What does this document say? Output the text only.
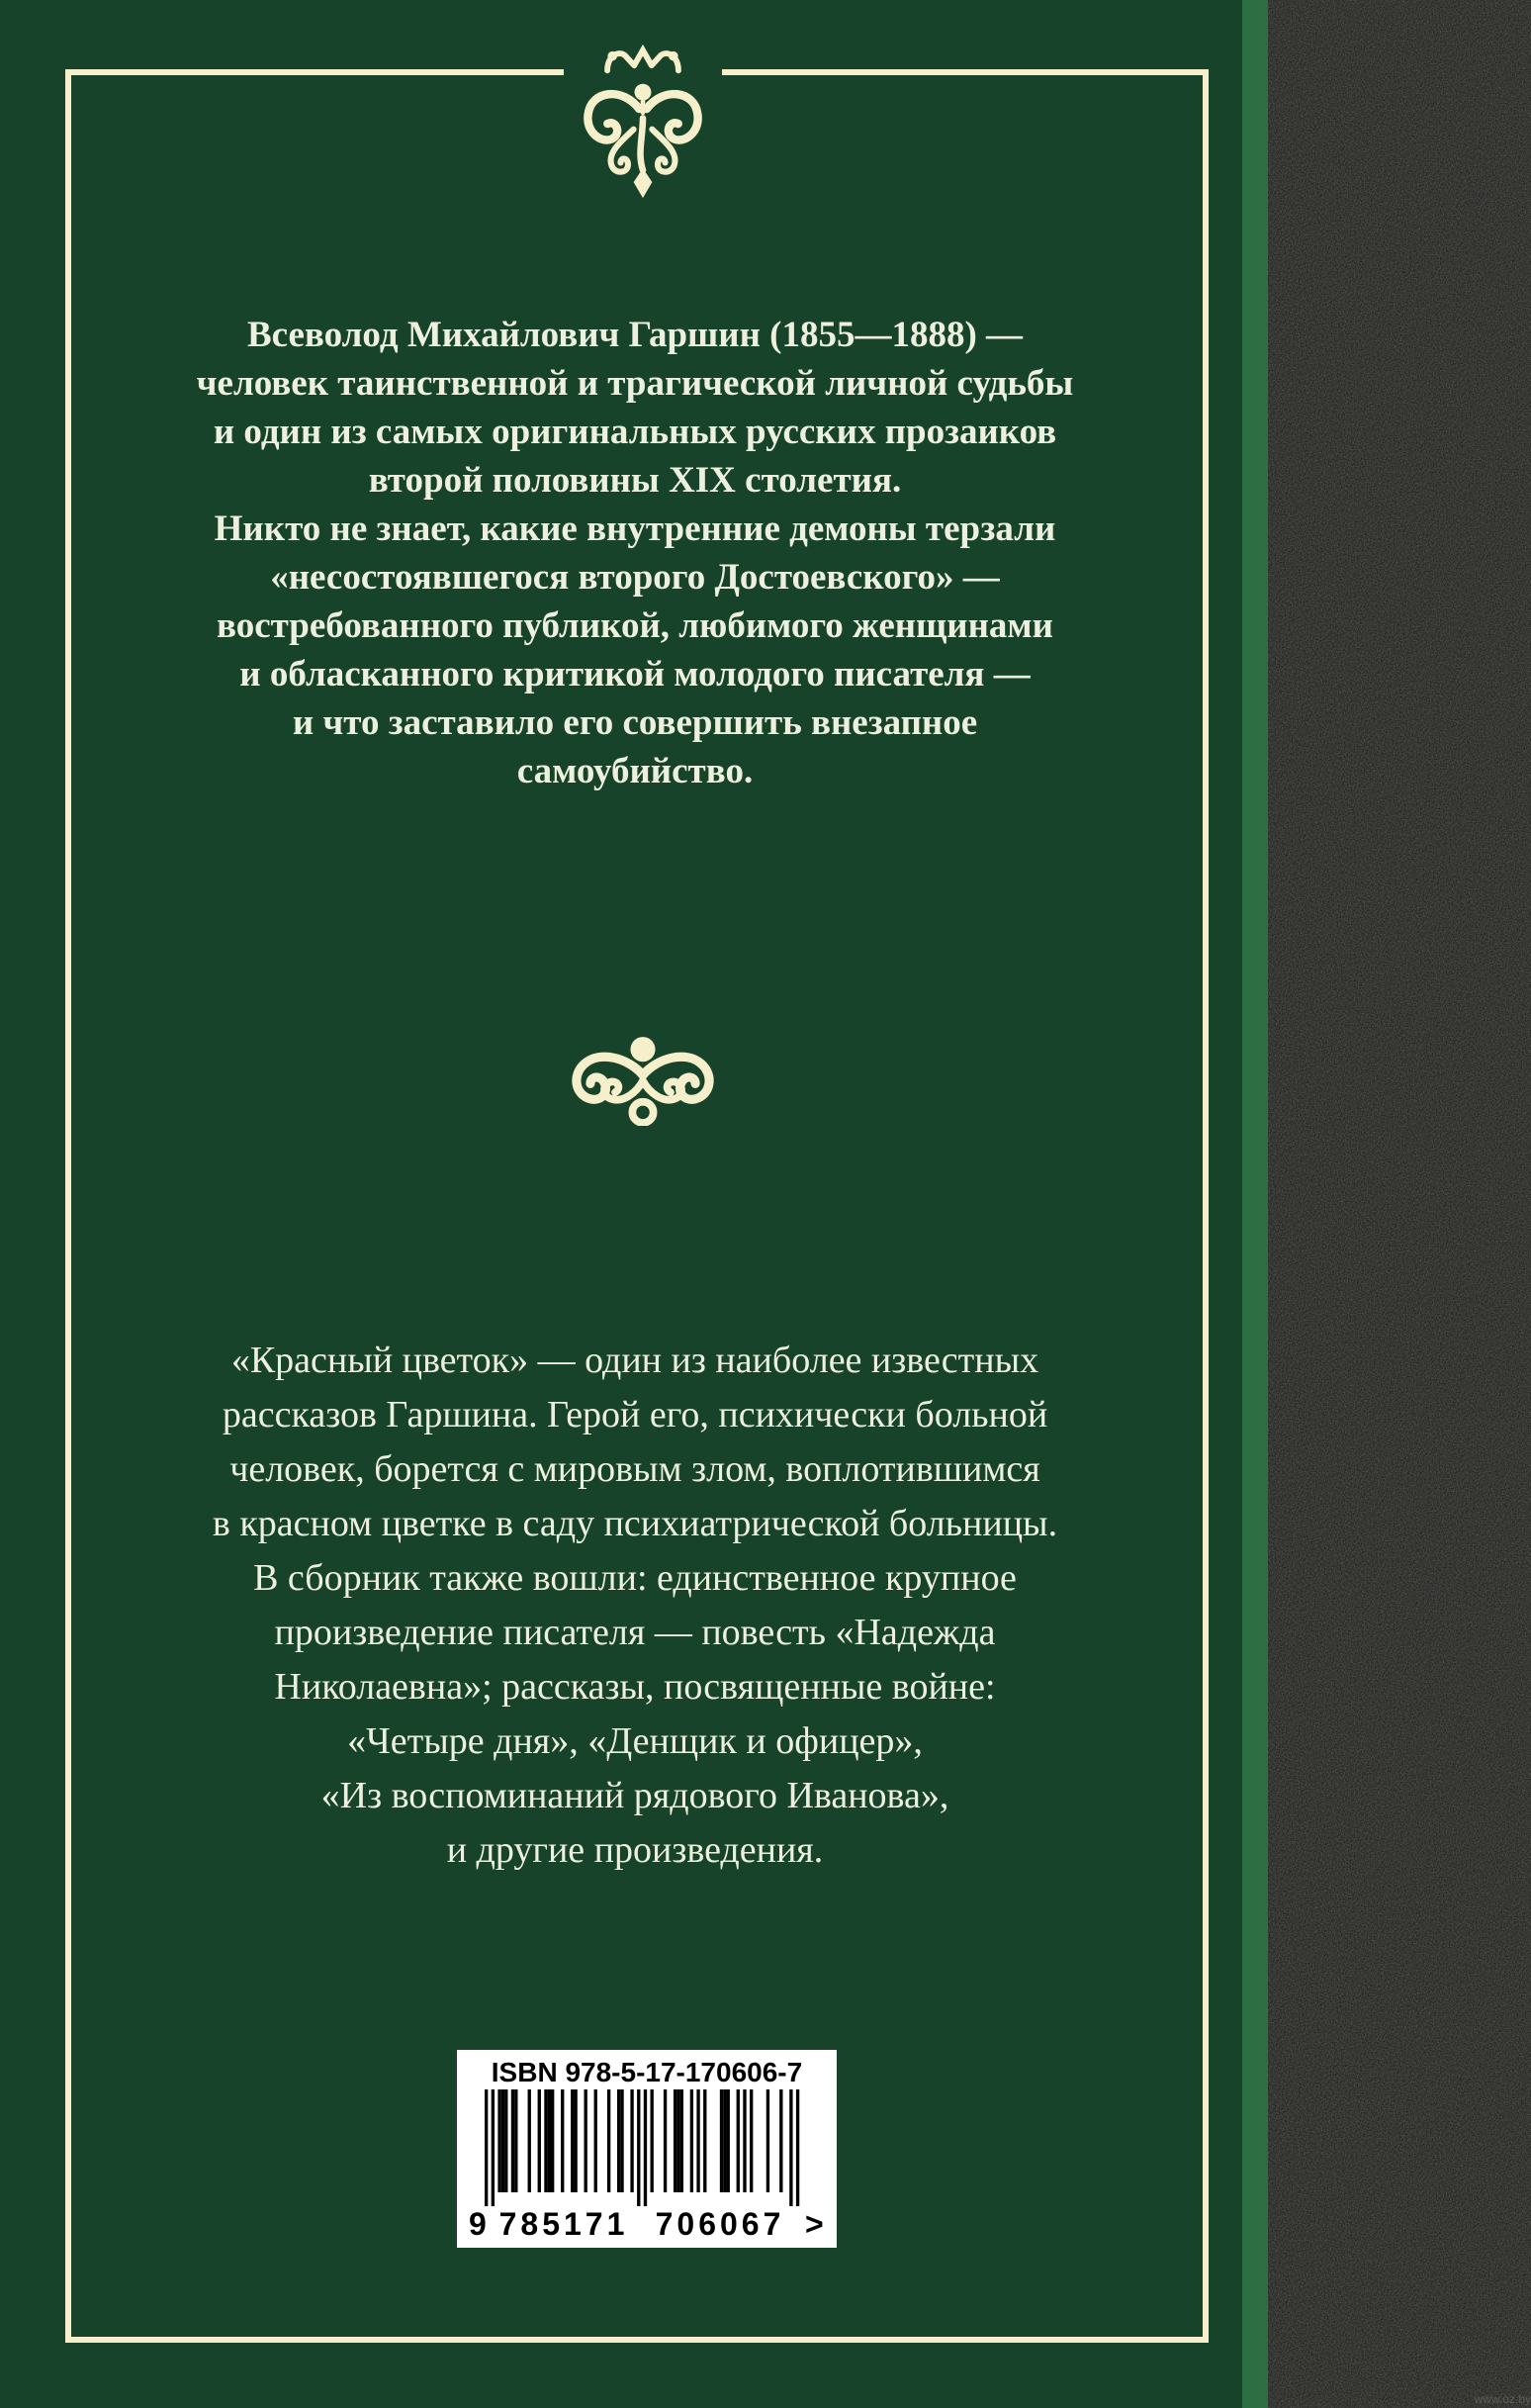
Всеволод Михайлович Гаршин (1855—1888) —
человек таинственной и трагической личной судьбы
и один из самых оригинальных русских прозаиков
второй половины XIX столетия.
Никто не знает, какие внутренние демоны терзали
«несостоявшегося второго Достоевского» —
востребованного публикой, любимого женщинами
и обласканного критикой молодого писателя —
и что заставило его совершить внезапное
самоубийство.
«Красный цветок» — один из наиболее известных
рассказов Гаршина. Герой его, психически больной
человек, борется с мировым злом, воплотившимся
в красном цветке в саду психиатрической больницы.
В сборник также вошли: единственное крупное
произведение писателя — повесть «Надежда
Николаевна»; рассказы, посвященные войне:
«Четыре дня», «Денщик и офицер»,
«Из воспоминаний рядового Иванова»,
и другие произведения.
ISBN 978-5-17-170606-7
9 785171 706067 >
www.oz.by
